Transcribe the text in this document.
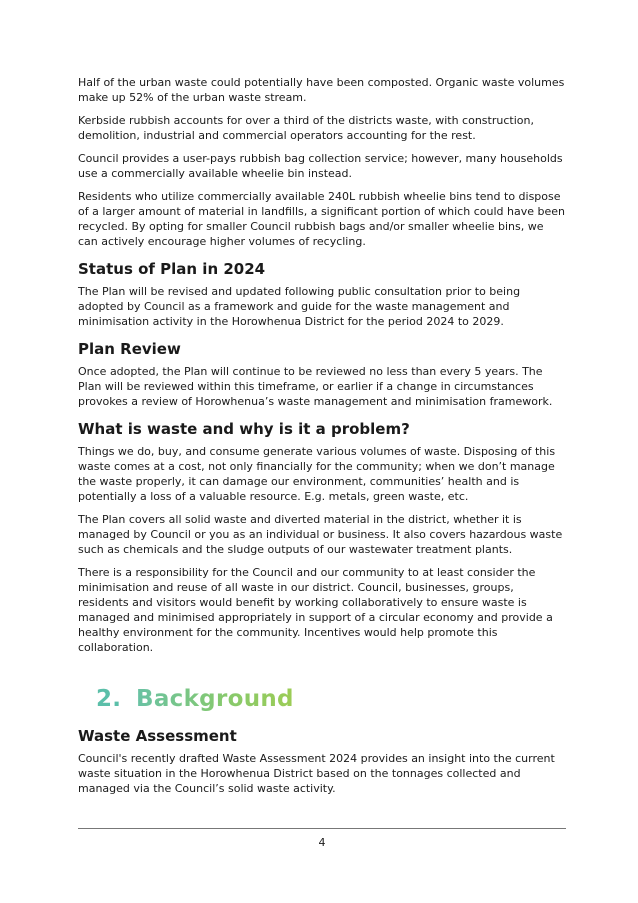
Half of the urban waste could potentially have been composted. Organic waste volumes make up 52% of the urban waste stream.

Kerbside rubbish accounts for over a third of the districts waste, with construction, demolition, industrial and commercial operators accounting for the rest.

Council provides a user-pays rubbish bag collection service; however, many households use a commercially available wheelie bin instead.

Residents who utilize commercially available 240L rubbish wheelie bins tend to dispose of a larger amount of material in landfills, a significant portion of which could have been recycled. By opting for smaller Council rubbish bags and/or smaller wheelie bins, we can actively encourage higher volumes of recycling.

Status of Plan in 2024

The Plan will be revised and updated following public consultation prior to being adopted by Council as a framework and guide for the waste management and minimisation activity in the Horowhenua District for the period 2024 to 2029.

Plan Review

Once adopted, the Plan will continue to be reviewed no less than every 5 years. The Plan will be reviewed within this timeframe, or earlier if a change in circumstances provokes a review of Horowhenua’s waste management and minimisation framework.

What is waste and why is it a problem?

Things we do, buy, and consume generate various volumes of waste. Disposing of this waste comes at a cost, not only financially for the community; when we don’t manage the waste properly, it can damage our environment, communities’ health and is potentially a loss of a valuable resource. E.g. metals, green waste, etc.

The Plan covers all solid waste and diverted material in the district, whether it is managed by Council or you as an individual or business. It also covers hazardous waste such as chemicals and the sludge outputs of our wastewater treatment plants.

There is a responsibility for the Council and our community to at least consider the minimisation and reuse of all waste in our district. Council, businesses, groups, residents and visitors would benefit by working collaboratively to ensure waste is managed and minimised appropriately in support of a circular economy and provide a healthy environment for the community. Incentives would help promote this collaboration.

2. Background
Waste Assessment

Council's recently drafted Waste Assessment 2024 provides an insight into the current waste situation in the Horowhenua District based on the tonnages collected and managed via the Council’s solid waste activity.

4
